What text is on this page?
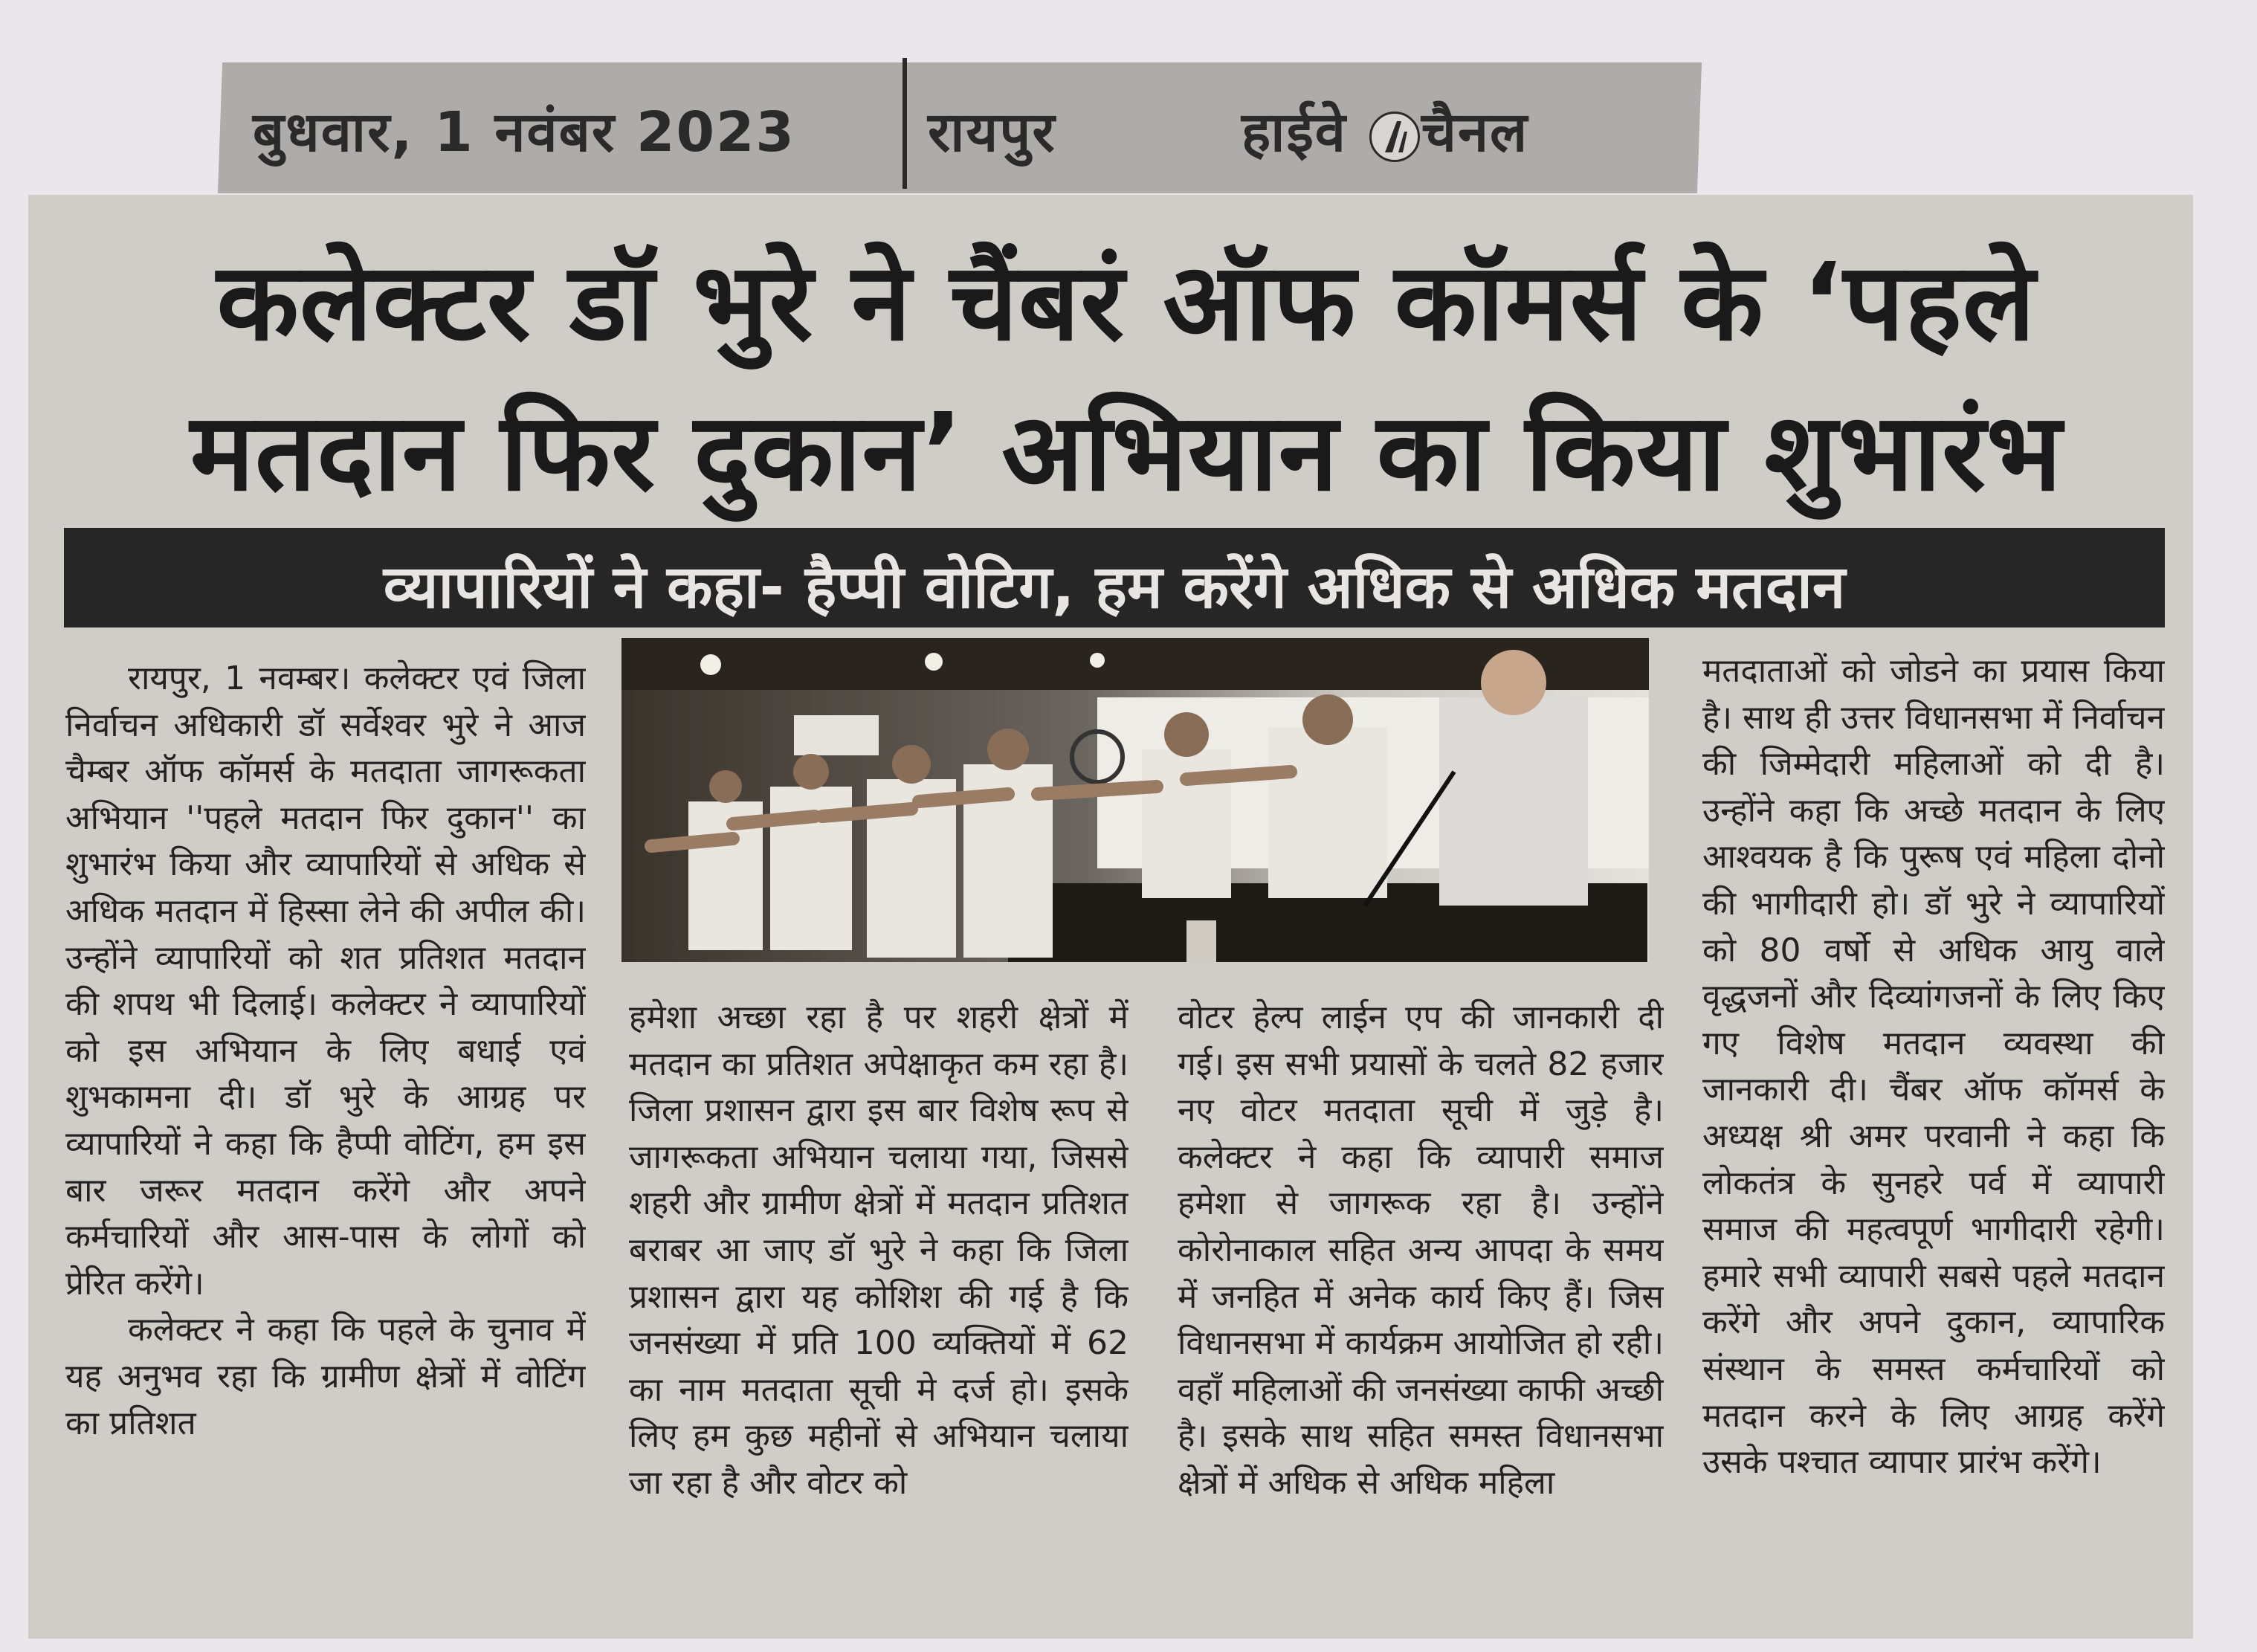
बुधवार, 1 नवंबर 2023 रायपुर	हाईवे चैनल
कलेक्टर डॉ भुरे ने चैंबरं ऑफ कॉमर्स के ‘पहले
मतदान फिर दुकान’ अभियान का किया शुभारंभ
व्यापारियों ने कहा- हैप्पी वोटिग, हम करेंगे अधिक से अधिक मतदान

रायपुर, 1 नवम्बर। कलेक्टर एवं जिला निर्वाचन अधिकारी डॉ सर्वेश्वर भुरे ने आज चैम्बर ऑफ कॉमर्स के मतदाता जागरूकता अभियान ''पहले मतदान फिर दुकान'' का शुभारंभ किया और व्यापारियों से अधिक से अधिक मतदान में हिस्सा लेने की अपील की। उन्होंने व्यापारियों को शत प्रतिशत मतदान की शपथ भी दिलाई। कलेक्टर ने व्यापारियों को इस अभियान के लिए बधाई एवं शुभकामना दी। डॉ भुरे के आग्रह पर व्यापारियों ने कहा कि हैप्पी वोटिंग, हम इस बार जरूर मतदान करेंगे और अपने कर्मचारियों और आस-पास के लोगों को प्रेरित करेंगे।

कलेक्टर ने कहा कि पहले के चुनाव में यह अनुभव रहा कि ग्रामीण क्षेत्रों में वोटिंग का प्रतिशत

हमेशा अच्छा रहा है पर शहरी क्षेत्रों में मतदान का प्रतिशत अपेक्षाकृत कम रहा है। जिला प्रशासन द्वारा इस बार विशेष रूप से जागरूकता अभियान चलाया गया, जिससे शहरी और ग्रामीण क्षेत्रों में मतदान प्रतिशत बराबर आ जाए डॉ भुरे ने कहा कि जिला प्रशासन द्वारा यह कोशिश की गई है कि जनसंख्या में प्रति 100 व्यक्तियों में 62 का नाम मतदाता सूची मे दर्ज हो। इसके लिए हम कुछ महीनों से अभियान चलाया जा रहा है और वोटर को

वोटर हेल्प लाईन एप की जानकारी दी गई। इस सभी प्रयासों के चलते 82 हजार नए वोटर मतदाता सूची में जुड़े है। कलेक्टर ने कहा कि व्यापारी समाज हमेशा से जागरूक रहा है। उन्होंने कोरोनाकाल सहित अन्य आपदा के समय में जनहित में अनेक कार्य किए हैं। जिस विधानसभा में कार्यक्रम आयोजित हो रही। वहाँ महिलाओं की जनसंख्या काफी अच्छी है। इसके साथ सहित समस्त विधानसभा क्षेत्रों में अधिक से अधिक महिला

मतदाताओं को जोडने का प्रयास किया है। साथ ही उत्तर विधानसभा में निर्वाचन की जिम्मेदारी महिलाओं को दी है। उन्होंने कहा कि अच्छे मतदान के लिए आश्वयक है कि पुरूष एवं महिला दोनो की भागीदारी हो। डॉ भुरे ने व्यापारियों को 80 वर्षो से अधिक आयु वाले वृद्धजनों और दिव्यांगजनों के लिए किए गए विशेष मतदान व्यवस्था की जानकारी दी। चैंबर ऑफ कॉमर्स के अध्यक्ष श्री अमर परवानी ने कहा कि लोकतंत्र के सुनहरे पर्व में व्यापारी समाज की महत्वपूर्ण भागीदारी रहेगी। हमारे सभी व्यापारी सबसे पहले मतदान करेंगे और अपने दुकान, व्यापारिक संस्थान के समस्त कर्मचारियों को मतदान करने के लिए आग्रह करेंगे उसके पश्चात व्यापार प्रारंभ करेंगे।
